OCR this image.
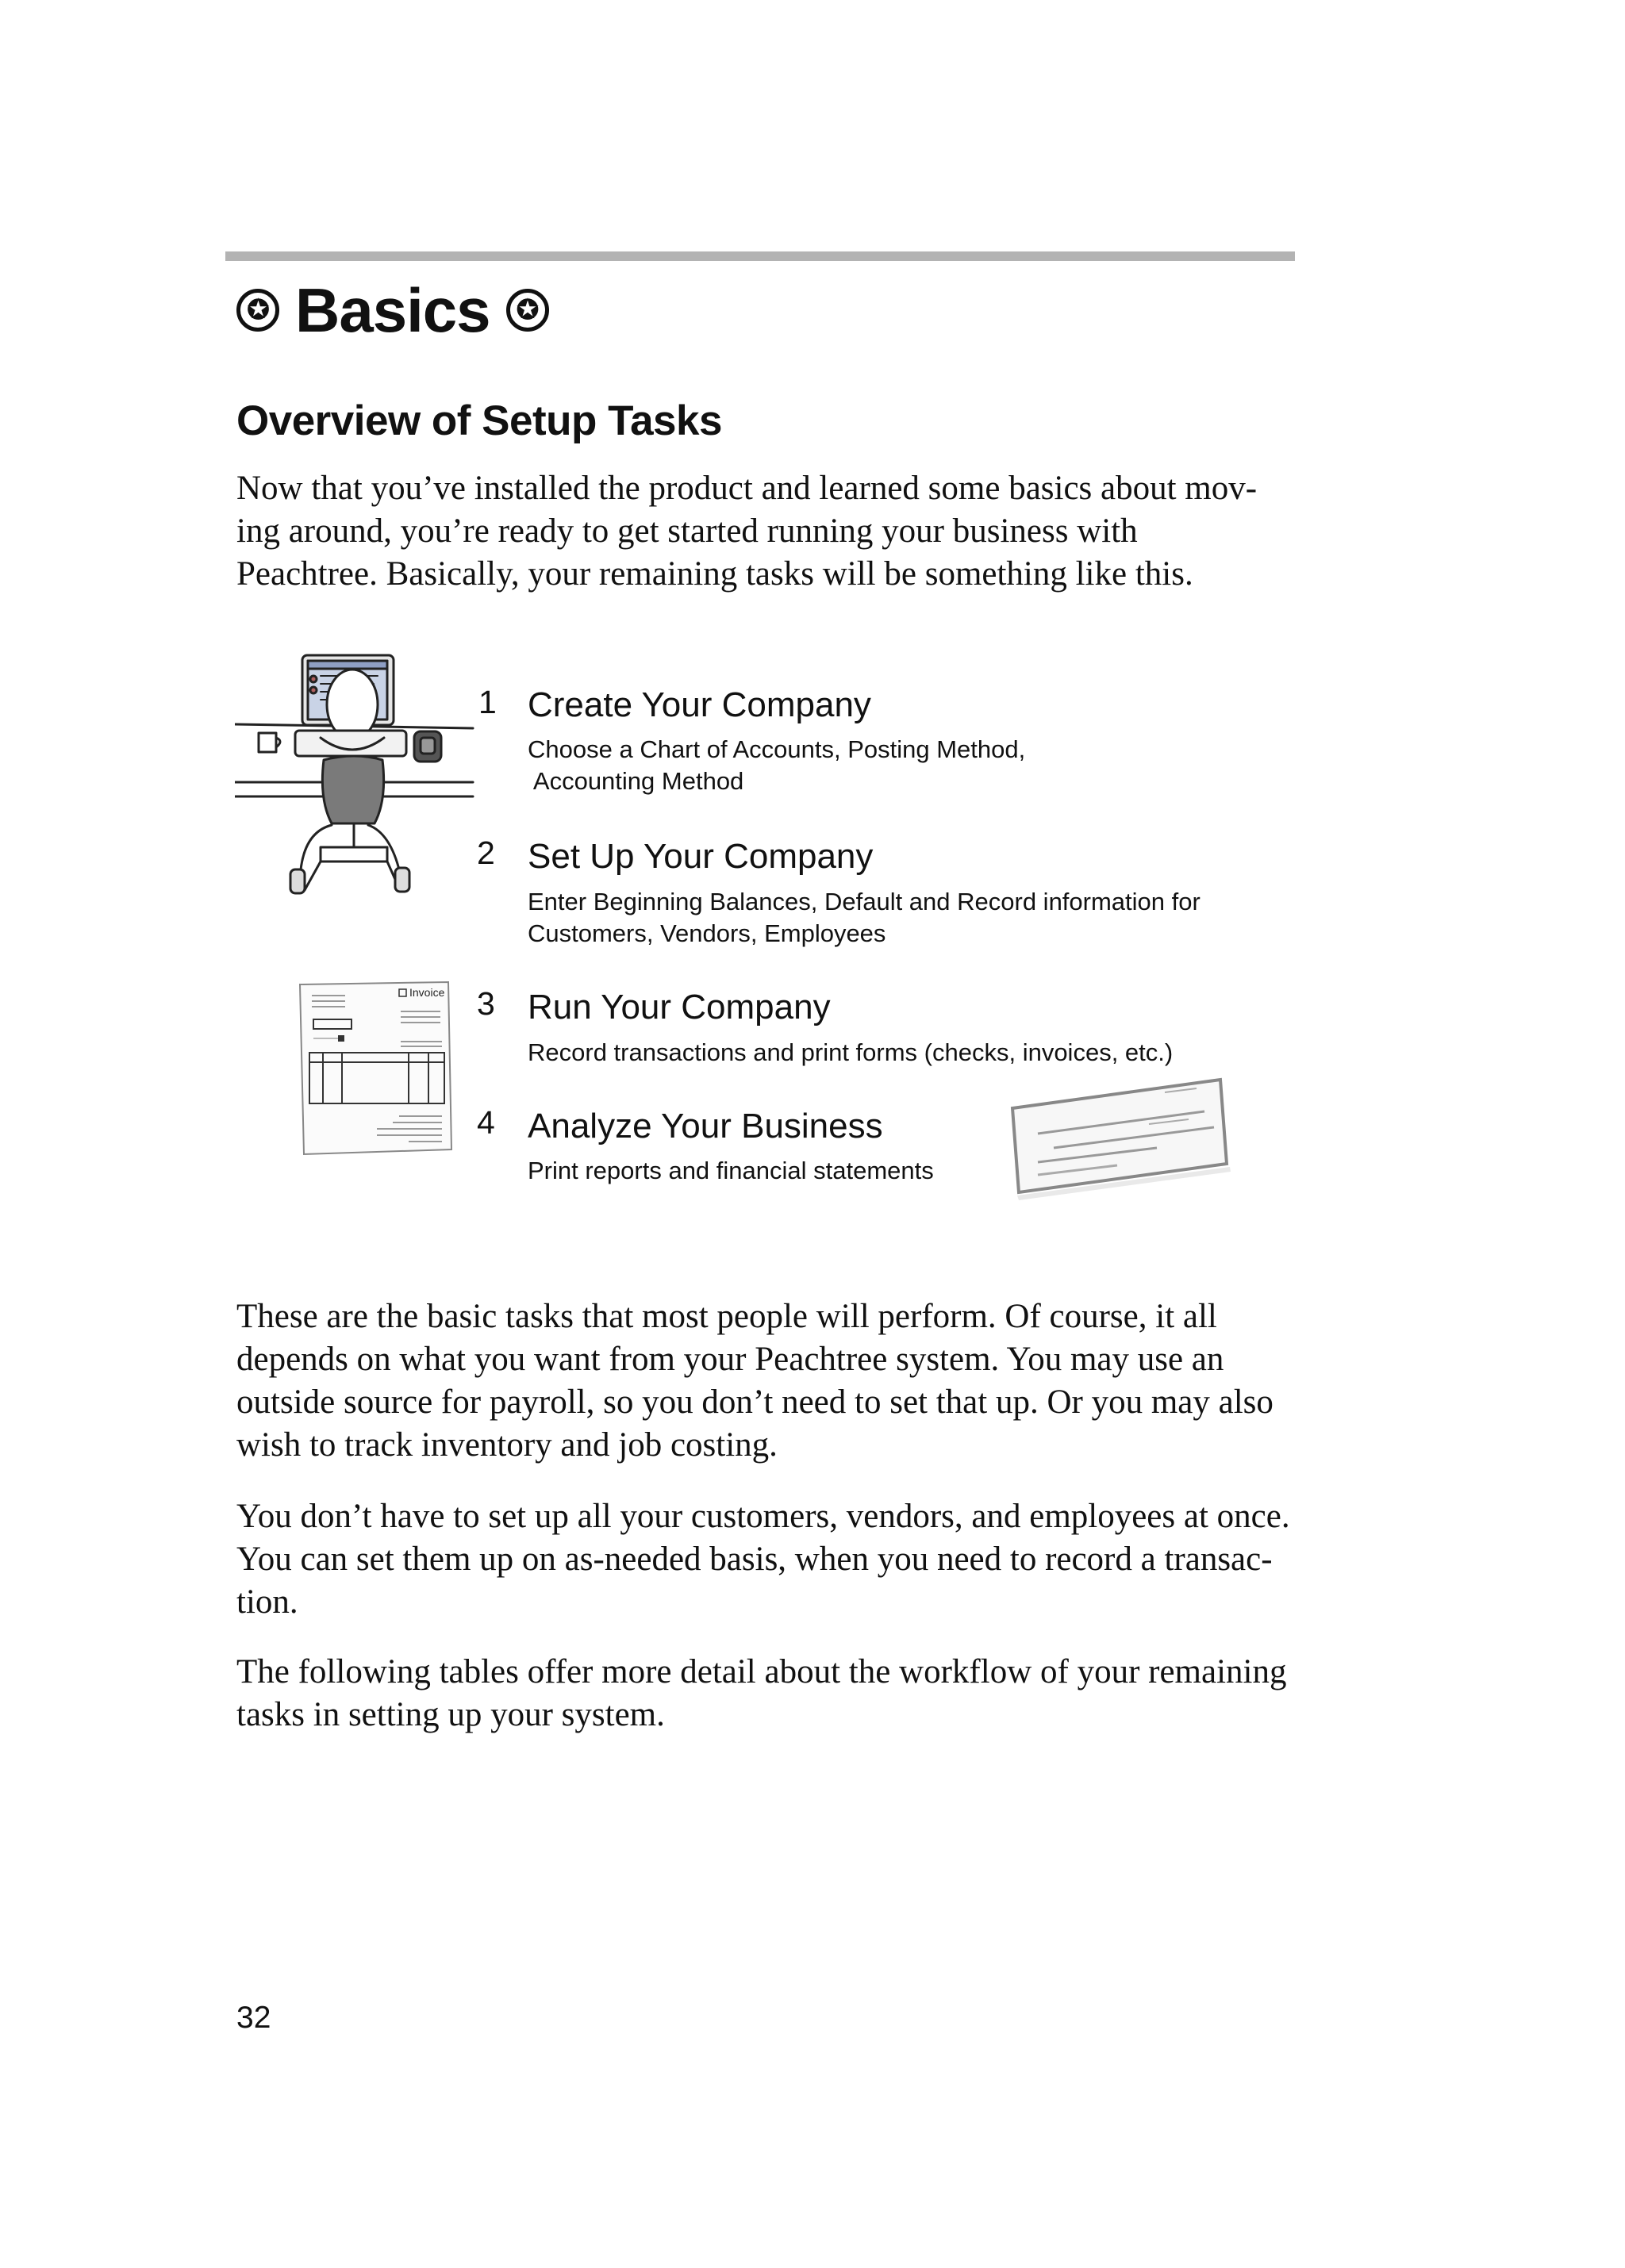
✪ Basics ✪
Overview of Setup Tasks

Now that you’ve installed the product and learned some basics about mov-
ing around, you’re ready to get started running your business with
Peachtree. Basically, your remaining tasks will be something like this.

Invoice
1 Create Your Company
Choose a Chart of Accounts, Posting Method,
Accounting Method
2 Set Up Your Company
Enter Beginning Balances, Default and Record information for
Customers, Vendors, Employees
3 Run Your Company
Record transactions and print forms (checks, invoices, etc.)
4 Analyze Your Business
Print reports and financial statements

These are the basic tasks that most people will perform. Of course, it all
depends on what you want from your Peachtree system. You may use an
outside source for payroll, so you don’t need to set that up. Or you may also
wish to track inventory and job costing.

You don’t have to set up all your customers, vendors, and employees at once.
You can set them up on as-needed basis, when you need to record a transac-
tion.

The following tables offer more detail about the workflow of your remaining
tasks in setting up your system.

32
